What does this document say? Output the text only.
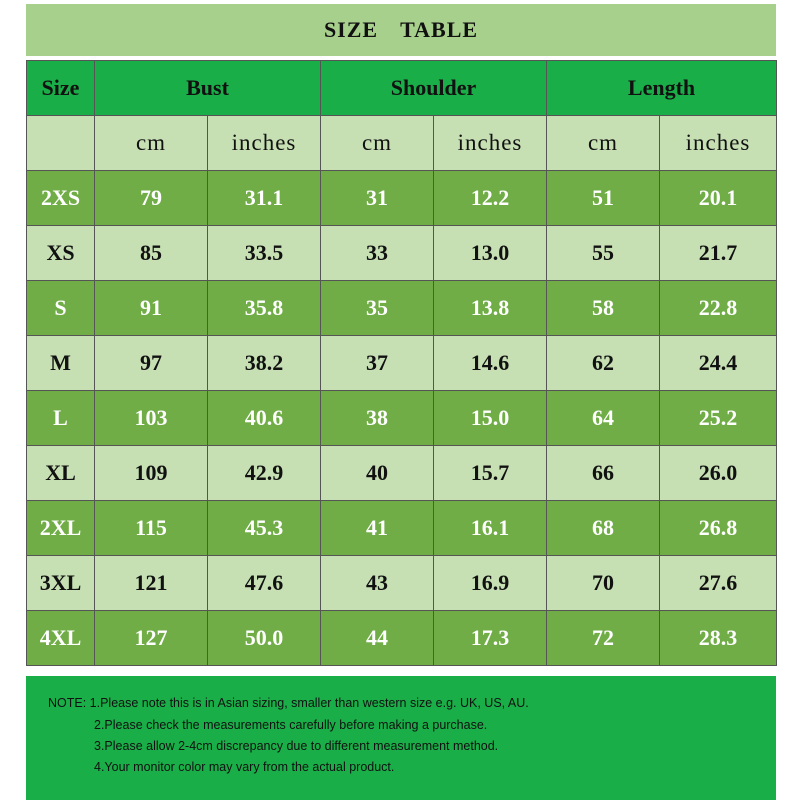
SIZE TABLE
Size	Bust		Shoulder		Length	
	cm	inches	cm	inches	cm	inches
2XS	79	31.1	31	12.2	51	20.1
XS	85	33.5	33	13.0	55	21.7
S	91	35.8	35	13.8	58	22.8
M	97	38.2	37	14.6	62	24.4
L	103	40.6	38	15.0	64	25.2
XL	109	42.9	40	15.7	66	26.0
2XL	115	45.3	41	16.1	68	26.8
3XL	121	47.6	43	16.9	70	27.6
4XL	127	50.0	44	17.3	72	28.3
NOTE: 1.Please note this is in Asian sizing, smaller than western size e.g. UK, US, AU.
2.Please check the measurements carefully before making a purchase.
3.Please allow 2-4cm discrepancy due to different measurement method.
4.Your monitor color may vary from the actual product.
